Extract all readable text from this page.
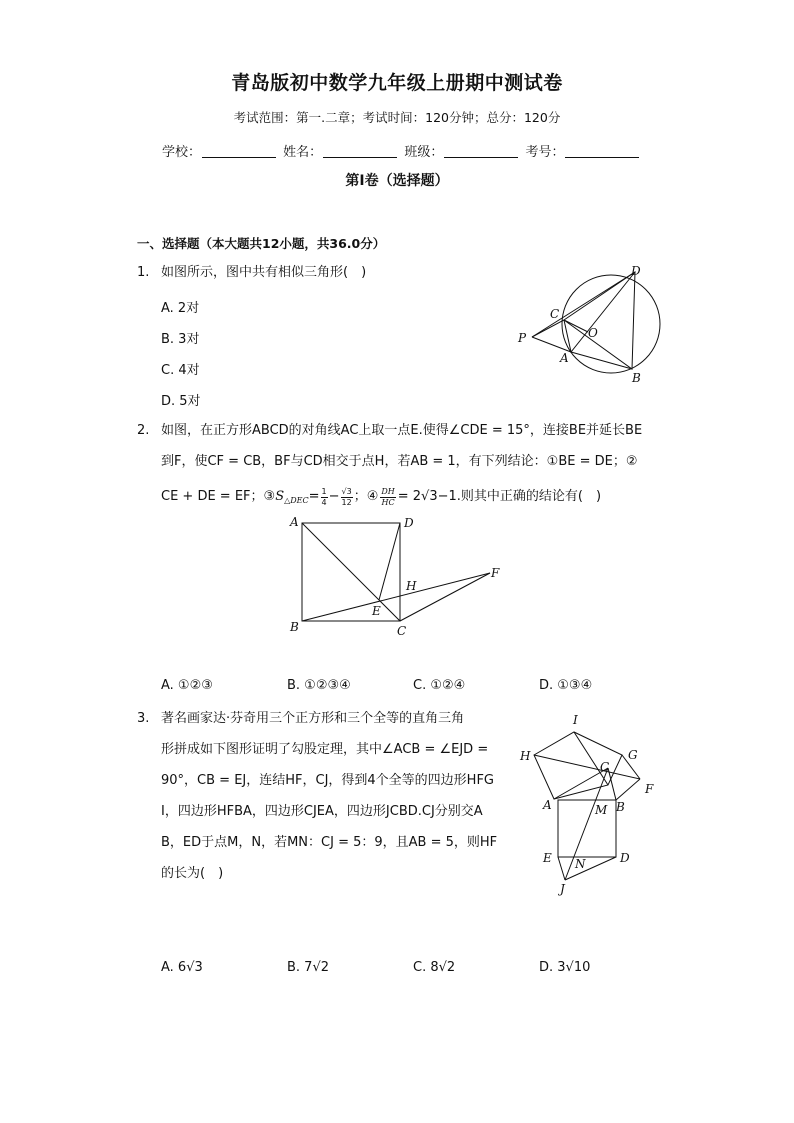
青岛版初中数学九年级上册期中测试卷
考试范围：第一.二章；考试时间：120分钟；总分：120分
学校：	姓名：	班级：	考号：
第I卷（选择题）
一、选择题（本大题共12小题，共36.0分）
1. 如图所示，图中共有相似三角形(　)
A. 2对
B. 3对
C. 4对
D. 5对
D
C
O
P
A
B
2. 如图，在正方形ABCD的对角线AC上取一点E.使得∠CDE = 15°，连接BE并延长BE
到F，使CF = CB，BF与CD相交于点H，若AB = 1，有下列结论：①BE = DE；②
CE + DE = EF；③ S △DEC = $\frac{1}{4} - \frac{√3}{12}$ ；④ $\frac{DH}{HC} = 2√3-1$.则其中正确的结论有(　)
A	D
B	C
E
H
F
A. ①②③	B. ①②③④	C. ①②④	D. ①③④
3. 著名画家达·芬奇用三个正方形和三个全等的直角三角
形拼成如下图形证明了勾股定理，其中∠ACB = ∠EJD =
90°，CB = EJ，连结HF，CJ，得到4个全等的四边形HFG
I，四边形HFBA，四边形CJEA，四边形JCBD.CJ分别交A
B，ED于点M，N，若MN：CJ = 5：9，且AB = 5，则HF
的长为(　)
I
H	G
C
F
A	M B
E N	D
J
A. 6√3	B. 7√2	C. 8√2	D. 3√10
